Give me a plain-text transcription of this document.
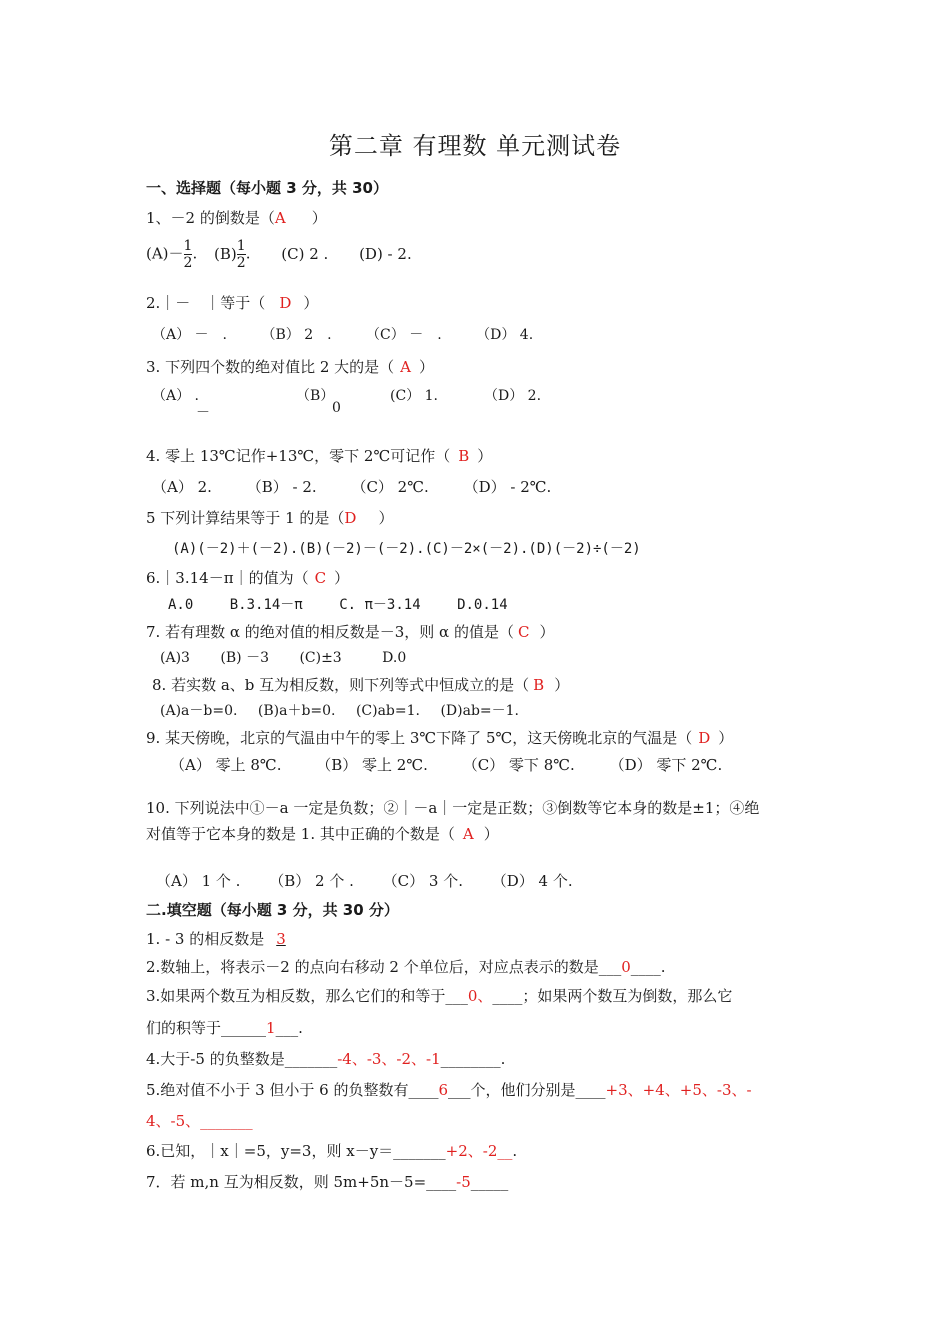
第二章 有理数 单元测试卷
一、选择题（每小题 3 分，共 30）
1、－2 的倒数是（A ）
$(A)- \frac{1}{2}$ . $(B) \frac{1}{2}$ . (C) 2 . (D) - 2.
2.｜－　｜等于（ D ）
（A） －　. （B） 2　. （C） －　. （D） 4.
3. 下列四个数的绝对值比 2 大的是（ A ）
（A） .
－
（B）
0
(C） 1.	（D） 2.
4. 零上 13℃记作+13℃，零下 2℃可记作（ B ）
（A） 2. （B） - 2. （C） 2℃. （D） - 2℃.
5 下列计算结果等于 1 的是（D ）
(A)(－2)＋(－2).(B)(－2)－(－2).(C)－2×(－2).(D)(－2)÷(－2)
6.｜3.14－π｜的值为（ C ）
A.0	B.3.14－π	C. π－3.14	D.0.14
7. 若有理数 α 的绝对值的相反数是－3，则 α 的值是（ C ）
(A)3 (B) －3 (C)±3	D.0
8. 若实数 a、b 互为相反数，则下列等式中恒成立的是（ B ）
(A)a－b=0. (B)a＋b=0. (C)ab=1. (D)ab=－1.
9. 某天傍晚，北京的气温由中午的零上 3℃下降了 5℃，这天傍晚北京的气温是（ D ）
（A） 零上 8℃. （B） 零上 2℃. （C） 零下 8℃. （D） 零下 2℃.
10. 下列说法中①－a 一定是负数；②｜－a｜一定是正数；③倒数等它本身的数是±1；④绝
对值等于它本身的数是 1. 其中正确的个数是（ A ）
（A） 1 个 . （B） 2 个 . （C） 3 个. （D） 4 个.
二.填空题（每小题 3 分，共 30 分）
1. - 3 的相反数是 3
2.数轴上，将表示－2 的点向右移动 2 个单位后，对应点表示的数是___0____.
3.如果两个数互为相反数，那么它们的和等于___0、____；如果两个数互为倒数，那么它
们的积等于______1___.
4.大于-5 的负整数是_______-4、-3、-2、-1________.
5.绝对值不小于 3 但小于 6 的负整数有____6___个，他们分别是____+3、+4、+5、-3、-
4、-5、_______
6.已知，｜x｜=5，y=3，则 x－y＝_______+2、-2__.
7．若 m,n 互为相反数，则 5m+5n－5=____-5_____
